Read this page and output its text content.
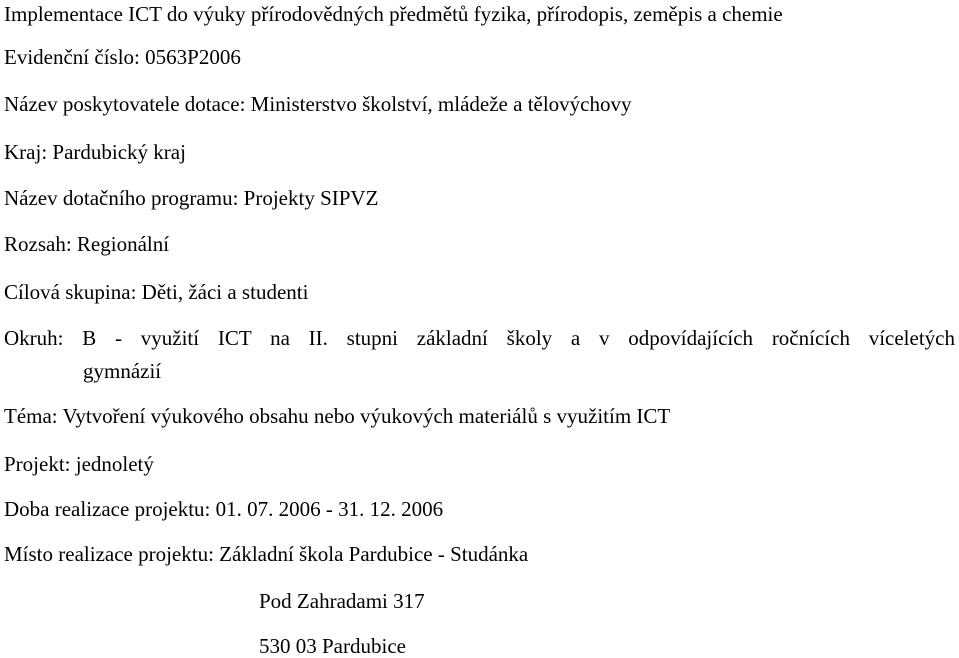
Implementace ICT do výuky přírodovědných předmětů fyzika, přírodopis, zeměpis a chemie
Evidenční číslo: 0563P2006
Název poskytovatele dotace: Ministerstvo školství, mládeže a tělovýchovy
Kraj: Pardubický kraj
Název dotačního programu: Projekty SIPVZ
Rozsah: Regionální
Cílová skupina: Děti, žáci a studenti
Okruh: B - využití ICT na II. stupni základní školy a v odpovídajících ročnících víceletých
gymnázií
Téma: Vytvoření výukového obsahu nebo výukových materiálů s využitím ICT
Projekt: jednoletý
Doba realizace projektu: 01. 07. 2006 - 31. 12. 2006
Místo realizace projektu: Základní škola Pardubice - Studánka
Pod Zahradami 317
530 03 Pardubice
